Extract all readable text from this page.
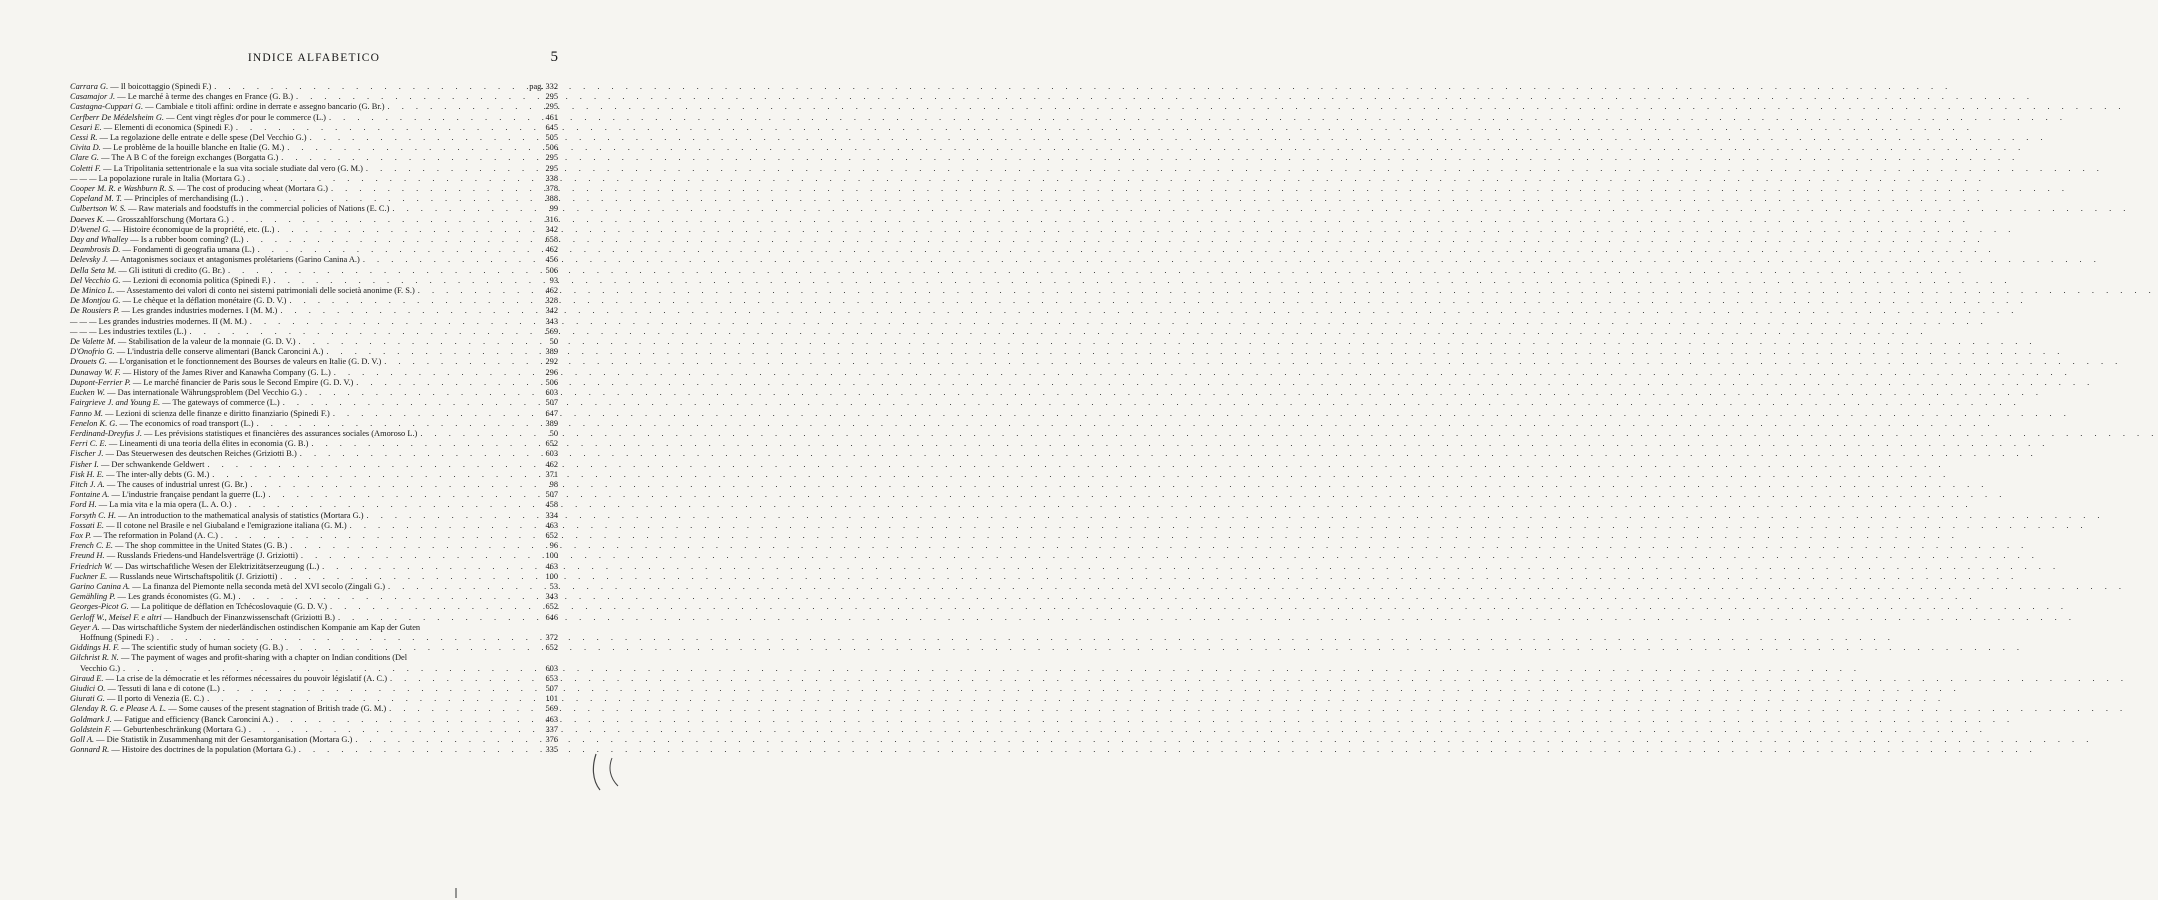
INDICE ALFABETICO	5
Carrara G. — Il boicottaggio (Spinedi F.) . . .	pag. 332
Casamajor J. — Le marché à terme des changes en France (G. B.) . . .	295
Castagna-Cuppari G. — Cambiale e titoli affini: ordine in derrate e assegno bancario (G. Br.) . . .	295
Cerfberr De Médelsheim G. — Cent vingt règles d'or pour le commerce (L.) . . .	461
Cesari E. — Elementi di economica (Spinedi F.) . . .	645
Cessi R. — La regolazione delle entrate e delle spese (Del Vecchio G.) . . .	505
Civita D. — Le problème de la houille blanche en Italie (G. M.) . . .	506
Clare G. — The A B C of the foreign exchanges (Borgatta G.) . . .	295
Coletti F. — La Tripolitania settentrionale e la sua vita sociale studiate dal vero (G. M.) . . .	295
— — — La popolazione rurale in Italia (Mortara G.) . . .	338
Cooper M. R. e Washburn R. S. — The cost of producing wheat (Mortara G.) . . .	378
Copeland M. T. — Principles of merchandising (L.) . . .	388
Culbertson W. S. — Raw materials and foodstuffs in the commercial policies of Nations (E. C.) . . .	99
Daeves K. — Grosszahlforschung (Mortara G.) . . .	316
D'Avenel G. — Histoire économique de la propriété, etc. (L.) . . .	342
Day and Whalley — Is a rubber boom coming? (L.) . . .	658
Deambrosis D. — Fondamenti di geografia umana (L.) . . .	462
Delevsky J. — Antagonismes sociaux et antagonismes prolétariens (Garino Canina A.) . . .	456
Della Seta M. — Gli istituti di credito (G. Br.) . . .	506
Del Vecchio G. — Lezioni di economia politica (Spinedi F.) . . .	93
De Minico L. — Assestamento dei valori di conto nei sistemi patrimoniali delle società anonime (F. S.) . . .	462
De Montjou G. — Le chèque et la déflation monétaire (G. D. V.) . . .	328
De Rousiers P. — Les grandes industries modernes. I (M. M.) . . .	342
— — — Les grandes industries modernes. II (M. M.) . . .	343
— — — Les industries textiles (L.) . . .	569
De Valette M. — Stabilisation de la valeur de la monnaie (G. D. V.) . . .	50
D'Onofrio G. — L'industria delle conserve alimentari (Banck Caroncini A.) . . .	389
Drouets G. — L'organisation et le fonctionnement des Bourses de valeurs en Italie (G. D. V.) . . .	292
Dunaway W. F. — History of the James River and Kanawha Company (G. L.) . . .	296
Dupont-Ferrier P. — Le marché financier de Paris sous le Second Empire (G. D. V.) . . .	506
Eucken W. — Das internationale Währungsproblem (Del Vecchio G.) . . .	603
Fairgrieve J. and Young E. — The gateways of commerce (L.) . . .	507
Fanno M. — Lezioni di scienza delle finanze e diritto finanziario (Spinedi F.) . . .	647
Fenelon K. G. — The economics of road transport (L.) . . .	389
Ferdinand-Dreyfus J. — Les prévisions statistiques et financières des assurances sociales (Amoroso L.) . . .	50
Ferri C. E. — Lineamenti di una teoria della élites in economia (G. B.) . . .	652
Fischer J. — Das Steuerwesen des deutschen Reiches (Griziotti B.) . . .	603
Fisher I. — Der schwankende Geldwert . . .	462
Fisk H. E. — The inter-ally debts (G. M.) . . .	371
Fitch J. A. — The causes of industrial unrest (G. Br.) . . .	98
Fontaine A. — L'industrie française pendant la guerre (L.) . . .	507
Ford H. — La mia vita e la mia opera (L. A. O.) . . .	458
Forsyth C. H. — An introduction to the mathematical analysis of statistics (Mortara G.) . . .	334
Fossati E. — Il cotone nel Brasile e nel Giubaland e l'emigrazione italiana (G. M.) . . .	463
Fox P. — The reformation in Poland (A. C.) . . .	652
French C. E. — The shop committee in the United States (G. B.) . . .	96
Freund H. — Russlands Friedens-und Handelsverträge (J. Griziotti) . . .	100
Friedrich W. — Das wirtschaftliche Wesen der Elektrizitätserzeugung (L.) . . .	463
Fuckner E. — Russlands neue Wirtschaftspolitik (J. Griziotti) . . .	100
Garino Canina A. — La finanza del Piemonte nella seconda metà del XVI secolo (Zingali G.) . . .	53
Gemähling P. — Les grands économistes (G. M.) . . .	343
Georges-Picot G. — La politique de déflation en Tchécoslovaquie (G. D. V.) . . .	652
Gerloff W., Meisel F. e altri — Handbuch der Finanzwissenschaft (Griziotti B.) . . .	646
Geyer A. — Das wirtschaftliche System der niederländischen ostindischen Kompanie am Kap der Guten
Hoffnung (Spinedi F.) . . .	372
Giddings H. F. — The scientific study of human society (G. B.) . . .	652
Gilchrist R. N. — The payment of wages and profit-sharing with a chapter on Indian conditions (Del
Vecchio G.) . . .	603
Giraud E. — La crise de la démocratie et les réformes nécessaires du pouvoir législatif (A. C.) . . .	653
Giudici O. — Tessuti di lana e di cotone (L.) . . .	507
Giurati G. — Il porto di Venezia (E. C.) . . .	101
Glenday R. G. e Please A. L. — Some causes of the present stagnation of British trade (G. M.) . . .	569
Goldmark J. — Fatigue and efficiency (Banck Caroncini A.) . . .	463
Goldstein F. — Geburtenbeschränkung (Mortara G.) . . .	337
Goll A. — Die Statistik in Zusammenhang mit der Gesamtorganisation (Mortara G.) . . .	376
Gonnard R. — Histoire des doctrines de la population (Mortara G.) . . .	335
